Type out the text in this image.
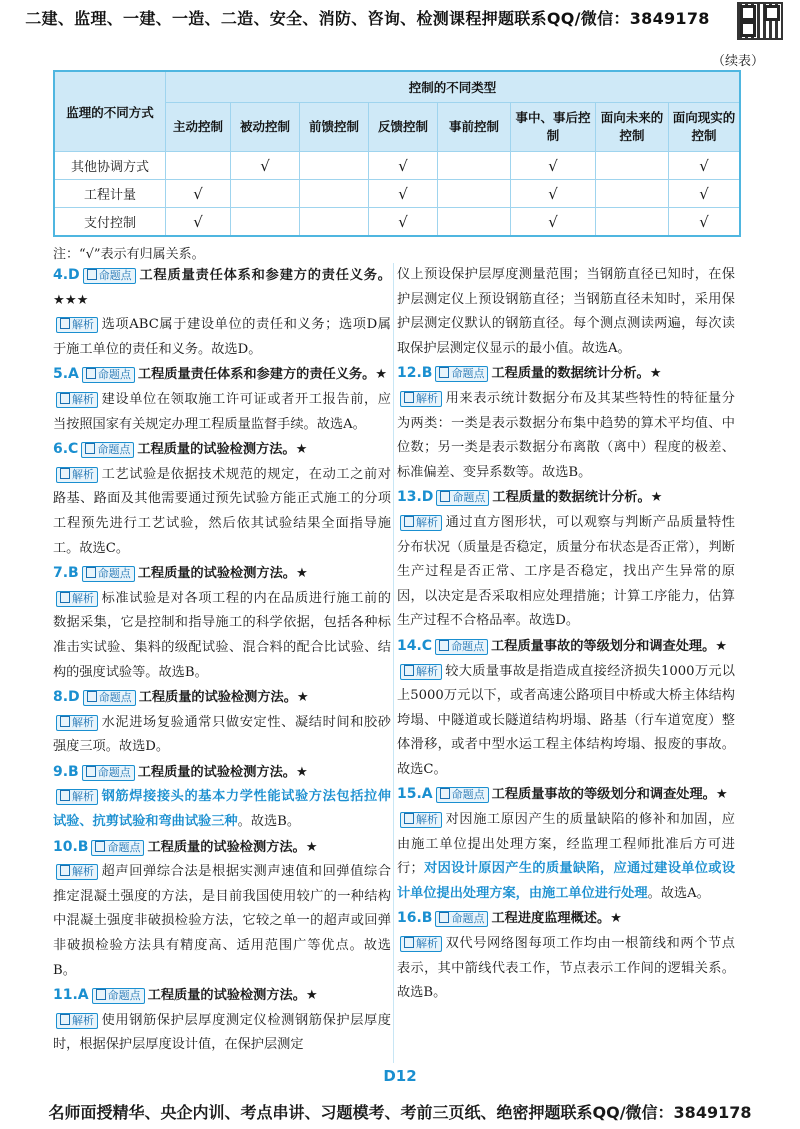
二建、监理、一建、一造、二造、安全、消防、咨询、检测课程押题联系QQ/微信：3849178
（续表）
监理的不同方式	控制的不同类型							
	主动控制	被动控制	前馈控制	反馈控制	事前控制	事中、事后控制	面向未来的控制	面向现实的控制
其他协调方式		√		√		√		√
工程计量	√			√		√		√
支付控制	√			√		√		√
注：“√”表示有归属关系。

4.D 命题点 工程质量责任体系和参建方的责任义务。★★★

解析 选项ABC属于建设单位的责任和义务；选项D属于施工单位的责任和义务。故选D。

5.A 命题点 工程质量责任体系和参建方的责任义务。★

解析 建设单位在领取施工许可证或者开工报告前，应当按照国家有关规定办理工程质量监督手续。故选A。

6.C 命题点 工程质量的试验检测方法。★

解析 工艺试验是依据技术规范的规定，在动工之前对路基、路面及其他需要通过预先试验方能正式施工的分项工程预先进行工艺试验，然后依其试验结果全面指导施工。故选C。

7.B 命题点 工程质量的试验检测方法。★

解析 标准试验是对各项工程的内在品质进行施工前的数据采集，它是控制和指导施工的科学依据，包括各种标准击实试验、集料的级配试验、混合料的配合比试验、结构的强度试验等。故选B。

8.D 命题点 工程质量的试验检测方法。★

解析 水泥进场复验通常只做安定性、凝结时间和胶砂强度三项。故选D。

9.B 命题点 工程质量的试验检测方法。★

解析 钢筋焊接接头的基本力学性能试验方法包括拉伸试验、抗剪试验和弯曲试验三种。故选B。

10.B 命题点 工程质量的试验检测方法。★

解析 超声回弹综合法是根据实测声速值和回弹值综合推定混凝土强度的方法，是目前我国使用较广的一种结构中混凝土强度非破损检验方法，它较之单一的超声或回弹非破损检验方法具有精度高、适用范围广等优点。故选B。

11.A 命题点 工程质量的试验检测方法。★

解析 使用钢筋保护层厚度测定仪检测钢筋保护层厚度时，根据保护层厚度设计值，在保护层测定

仪上预设保护层厚度测量范围；当钢筋直径已知时，在保护层测定仪上预设钢筋直径；当钢筋直径未知时，采用保护层测定仪默认的钢筋直径。每个测点测读两遍，每次读取保护层测定仪显示的最小值。故选A。

12.B 命题点 工程质量的数据统计分析。★

解析 用来表示统计数据分布及其某些特性的特征量分为两类：一类是表示数据分布集中趋势的算术平均值、中位数；另一类是表示数据分布离散（离中）程度的极差、标准偏差、变异系数等。故选B。

13.D 命题点 工程质量的数据统计分析。★

解析 通过直方图形状，可以观察与判断产品质量特性分布状况（质量是否稳定，质量分布状态是否正常），判断生产过程是否正常、工序是否稳定，找出产生异常的原因，以决定是否采取相应处理措施；计算工序能力，估算生产过程不合格品率。故选D。

14.C 命题点 工程质量事故的等级划分和调查处理。★

解析 较大质量事故是指造成直接经济损失1000万元以上5000万元以下，或者高速公路项目中桥或大桥主体结构垮塌、中隧道或长隧道结构坍塌、路基（行车道宽度）整体滑移，或者中型水运工程主体结构垮塌、报废的事故。故选C。

15.A 命题点 工程质量事故的等级划分和调查处理。★

解析 对因施工原因产生的质量缺陷的修补和加固，应由施工单位提出处理方案，经监理工程师批准后方可进行；对因设计原因产生的质量缺陷，应通过建设单位或设计单位提出处理方案，由施工单位进行处理。故选A。

16.B 命题点 工程进度监理概述。★

解析 双代号网络图每项工作均由一根箭线和两个节点表示，其中箭线代表工作，节点表示工作间的逻辑关系。故选B。

D12
名师面授精华、央企内训、考点串讲、习题模考、考前三页纸、绝密押题联系QQ/微信：3849178
